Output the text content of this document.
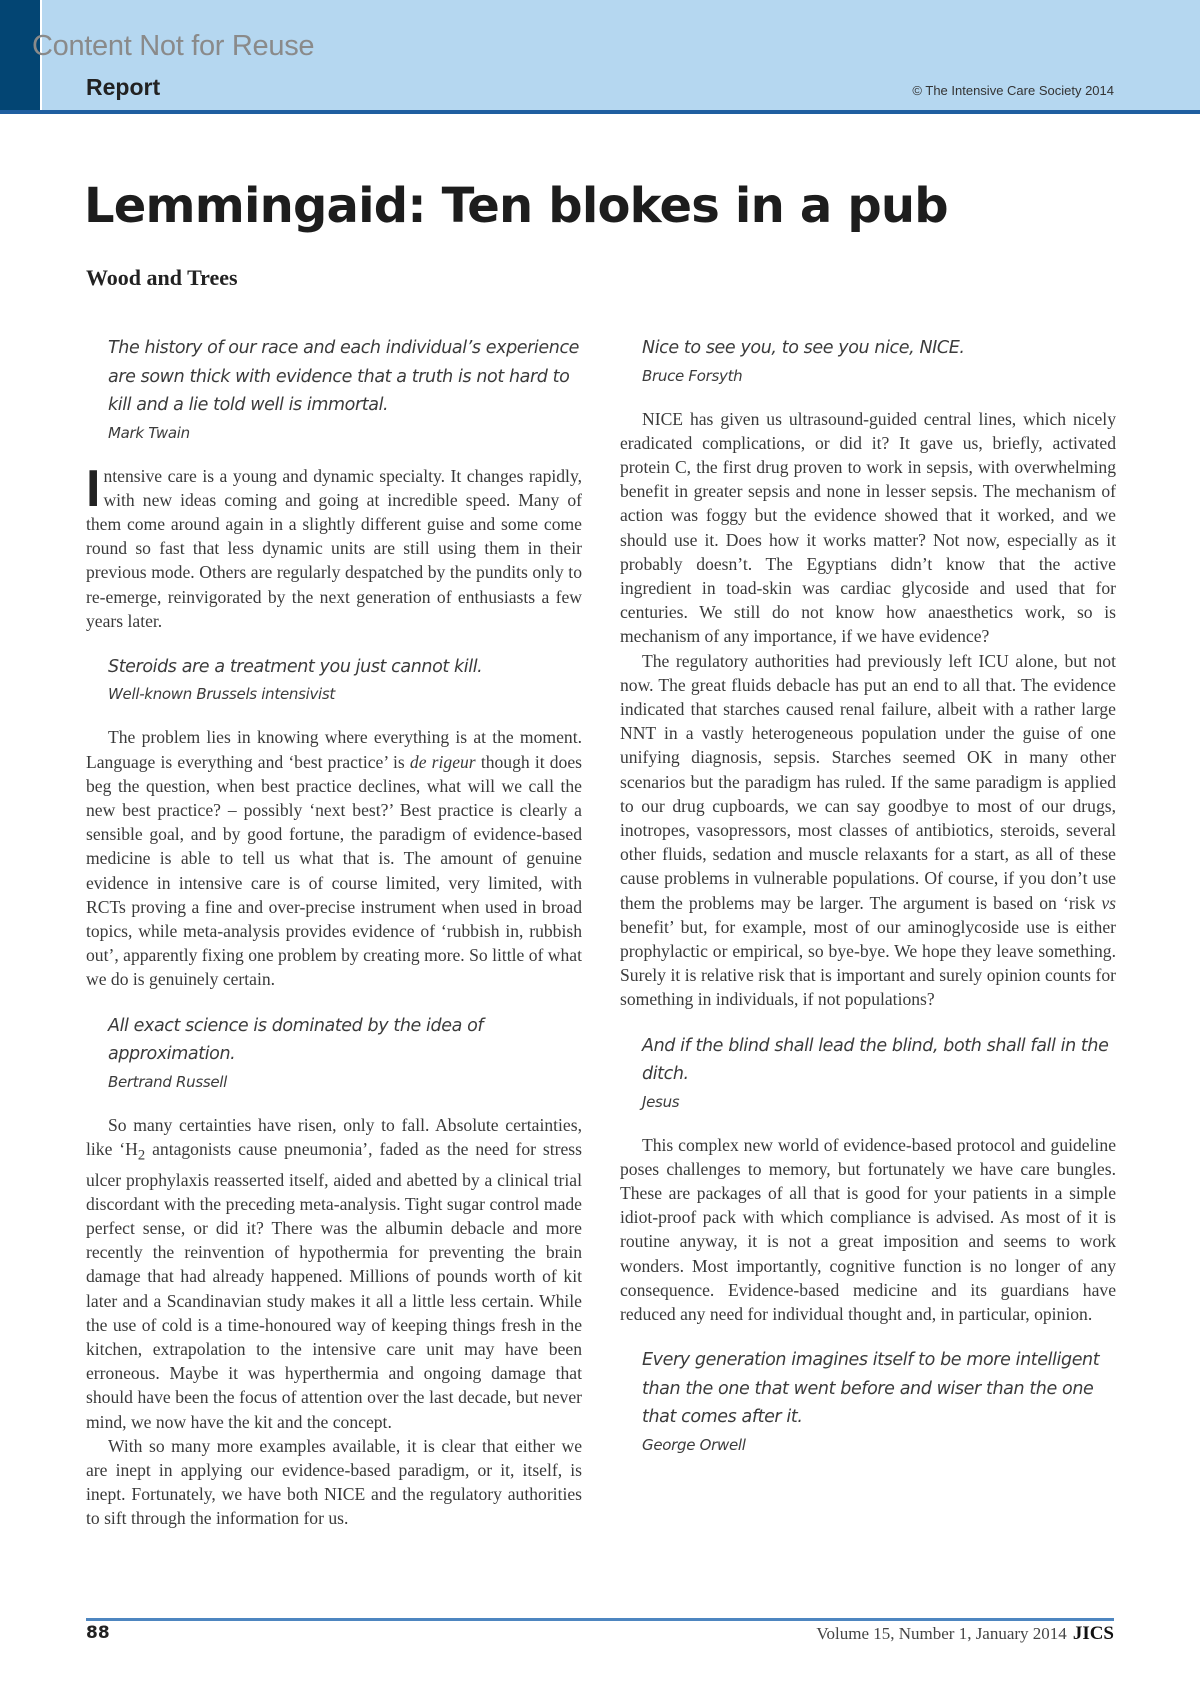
Content Not for Reuse
Report	© The Intensive Care Society 2014
Lemmingaid: Ten blokes in a pub
Wood and Trees
The history of our race and each individual’s experience are sown thick with evidence that a truth is not hard to kill and a lie told well is immortal.
Mark Twain

Intensive care is a young and dynamic specialty. It changes rapidly, with new ideas coming and going at incredible speed. Many of them come around again in a slightly different guise and some come round so fast that less dynamic units are still using them in their previous mode. Others are regularly despatched by the pundits only to re-emerge, reinvigorated by the next generation of enthusiasts a few years later.

Steroids are a treatment you just cannot kill.
Well-known Brussels intensivist

The problem lies in knowing where everything is at the moment. Language is everything and ‘best practice’ is de rigeur though it does beg the question, when best practice declines, what will we call the new best practice? – possibly ‘next best?’ Best practice is clearly a sensible goal, and by good fortune, the paradigm of evidence-based medicine is able to tell us what that is. The amount of genuine evidence in intensive care is of course limited, very limited, with RCTs proving a fine and over-precise instrument when used in broad topics, while meta-analysis provides evidence of ‘rubbish in, rubbish out’, apparently fixing one problem by creating more. So little of what we do is genuinely certain.

All exact science is dominated by the idea of approximation.
Bertrand Russell

So many certainties have risen, only to fall. Absolute certainties, like ‘$H_2$ antagonists cause pneumonia’, faded as the need for stress ulcer prophylaxis reasserted itself, aided and abetted by a clinical trial discordant with the preceding meta-analysis. Tight sugar control made perfect sense, or did it? There was the albumin debacle and more recently the reinvention of hypothermia for preventing the brain damage that had already happened. Millions of pounds worth of kit later and a Scandinavian study makes it all a little less certain. While the use of cold is a time-honoured way of keeping things fresh in the kitchen, extrapolation to the intensive care unit may have been erroneous. Maybe it was hyperthermia and ongoing damage that should have been the focus of attention over the last decade, but never mind, we now have the kit and the concept.

With so many more examples available, it is clear that either we are inept in applying our evidence-based paradigm, or it, itself, is inept. Fortunately, we have both NICE and the regulatory authorities to sift through the information for us.

Nice to see you, to see you nice, NICE.
Bruce Forsyth

NICE has given us ultrasound-guided central lines, which nicely eradicated complications, or did it? It gave us, briefly, activated protein C, the first drug proven to work in sepsis, with overwhelming benefit in greater sepsis and none in lesser sepsis. The mechanism of action was foggy but the evidence showed that it worked, and we should use it. Does how it works matter? Not now, especially as it probably doesn’t. The Egyptians didn’t know that the active ingredient in toad-skin was cardiac glycoside and used that for centuries. We still do not know how anaesthetics work, so is mechanism of any importance, if we have evidence?

The regulatory authorities had previously left ICU alone, but not now. The great fluids debacle has put an end to all that. The evidence indicated that starches caused renal failure, albeit with a rather large NNT in a vastly heterogeneous population under the guise of one unifying diagnosis, sepsis. Starches seemed OK in many other scenarios but the paradigm has ruled. If the same paradigm is applied to our drug cupboards, we can say goodbye to most of our drugs, inotropes, vasopressors, most classes of antibiotics, steroids, several other fluids, sedation and muscle relaxants for a start, as all of these cause problems in vulnerable populations. Of course, if you don’t use them the problems may be larger. The argument is based on ‘risk vs benefit’ but, for example, most of our aminoglycoside use is either prophylactic or empirical, so bye-bye. We hope they leave something. Surely it is relative risk that is important and surely opinion counts for something in individuals, if not populations?

And if the blind shall lead the blind, both shall fall in the ditch.
Jesus

This complex new world of evidence-based protocol and guideline poses challenges to memory, but fortunately we have care bungles. These are packages of all that is good for your patients in a simple idiot-proof pack with which compliance is advised. As most of it is routine anyway, it is not a great imposition and seems to work wonders. Most importantly, cognitive function is no longer of any consequence. Evidence-based medicine and its guardians have reduced any need for individual thought and, in particular, opinion.

Every generation imagines itself to be more intelligent than the one that went before and wiser than the one that comes after it.
George Orwell
88	Volume 15, Number 1, January 2014 JICS
